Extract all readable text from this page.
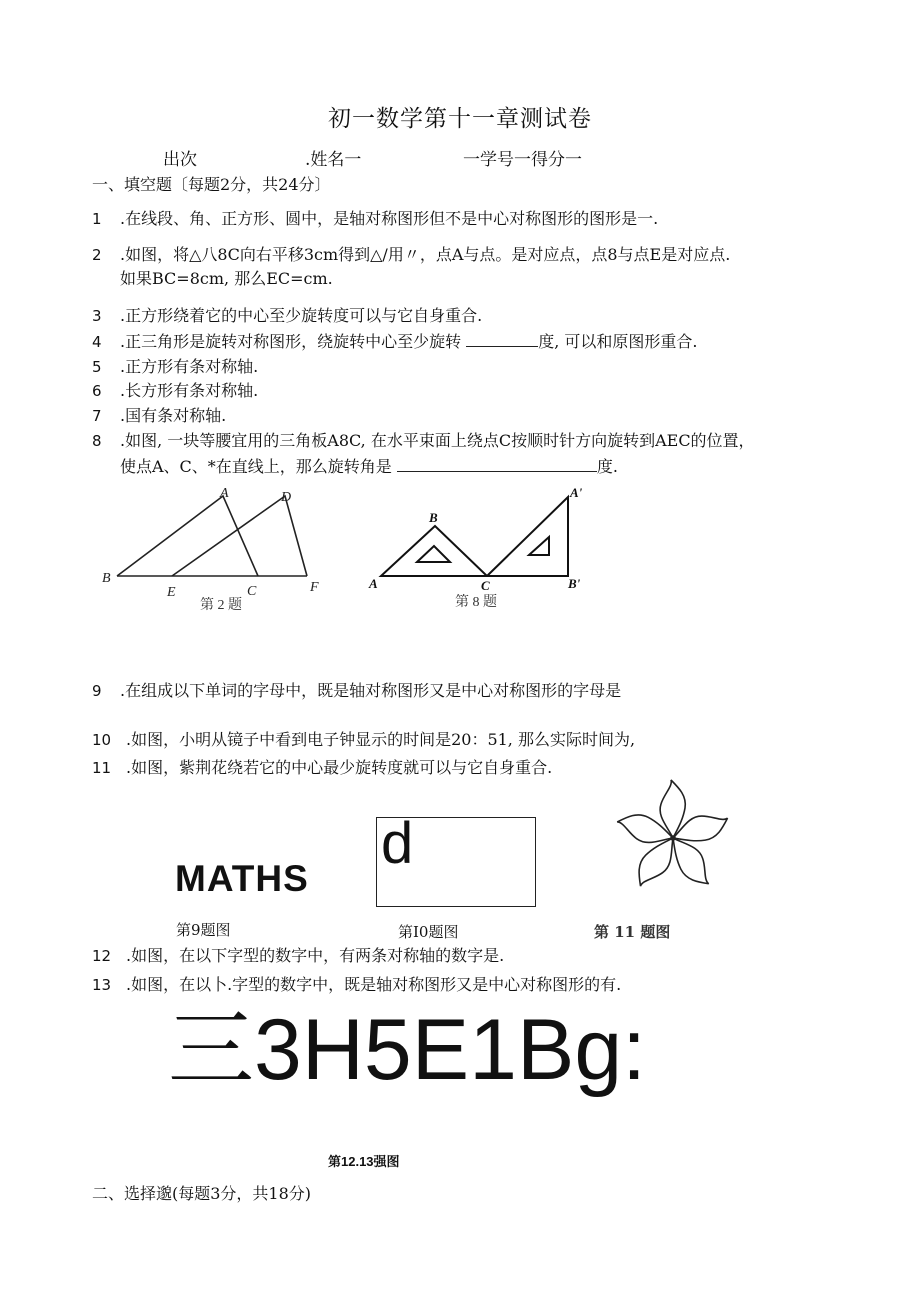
初一数学第十一章测试卷
出次	.姓名一	一学号一得分一
一、填空题〔每题2分，共24分〕
1 .在线段、角、正方形、圆中，是轴对称图形但不是中心对称图形的图形是一.
2 .如图，将△八8C向右平移3cm得到△/用〃，点A与点。是对应点，点8与点E是对应点.
如果BC=8cm, 那么EC=cm.
3 .正方形绕着它的中心至少旋转度可以与它自身重合.
4 .正三角形是旋转对称图形，绕旋转中心至少旋转	度, 可以和原图形重合.
5 .正方形有条对称轴.
6 .长方形有条对称轴.
7 .国有条对称轴.
8 .如图, 一块等腰宜用的三角板A8C, 在水平束面上绕点C按顺时针方向旋转到AEC的位置，
使点A、C、*在直线上，那么旋转角是	度.
A	D
B
E	C	F
第 2 题
A
B
C
A'
B'
第 8 题
9 .在组成以下单词的字母中，既是轴对称图形又是中心对称图形的字母是
10 .如图，小明从镜子中看到电子钟显示的时间是20：51, 那么实际时间为,
11 .如图，紫荆花绕若它的中心最少旋转度就可以与它自身重合.
MATHS
第9题图
d
第I0题图	第 11 题图
12 .如图，在以下字型的数字中，有两条对称轴的数字是.
13 .如图，在以卜.字型的数字中，既是轴对称图形又是中心对称图形的有.
三3H5E1Bg:
第12.13强图
二、选择邈(每题3分，共18分)
